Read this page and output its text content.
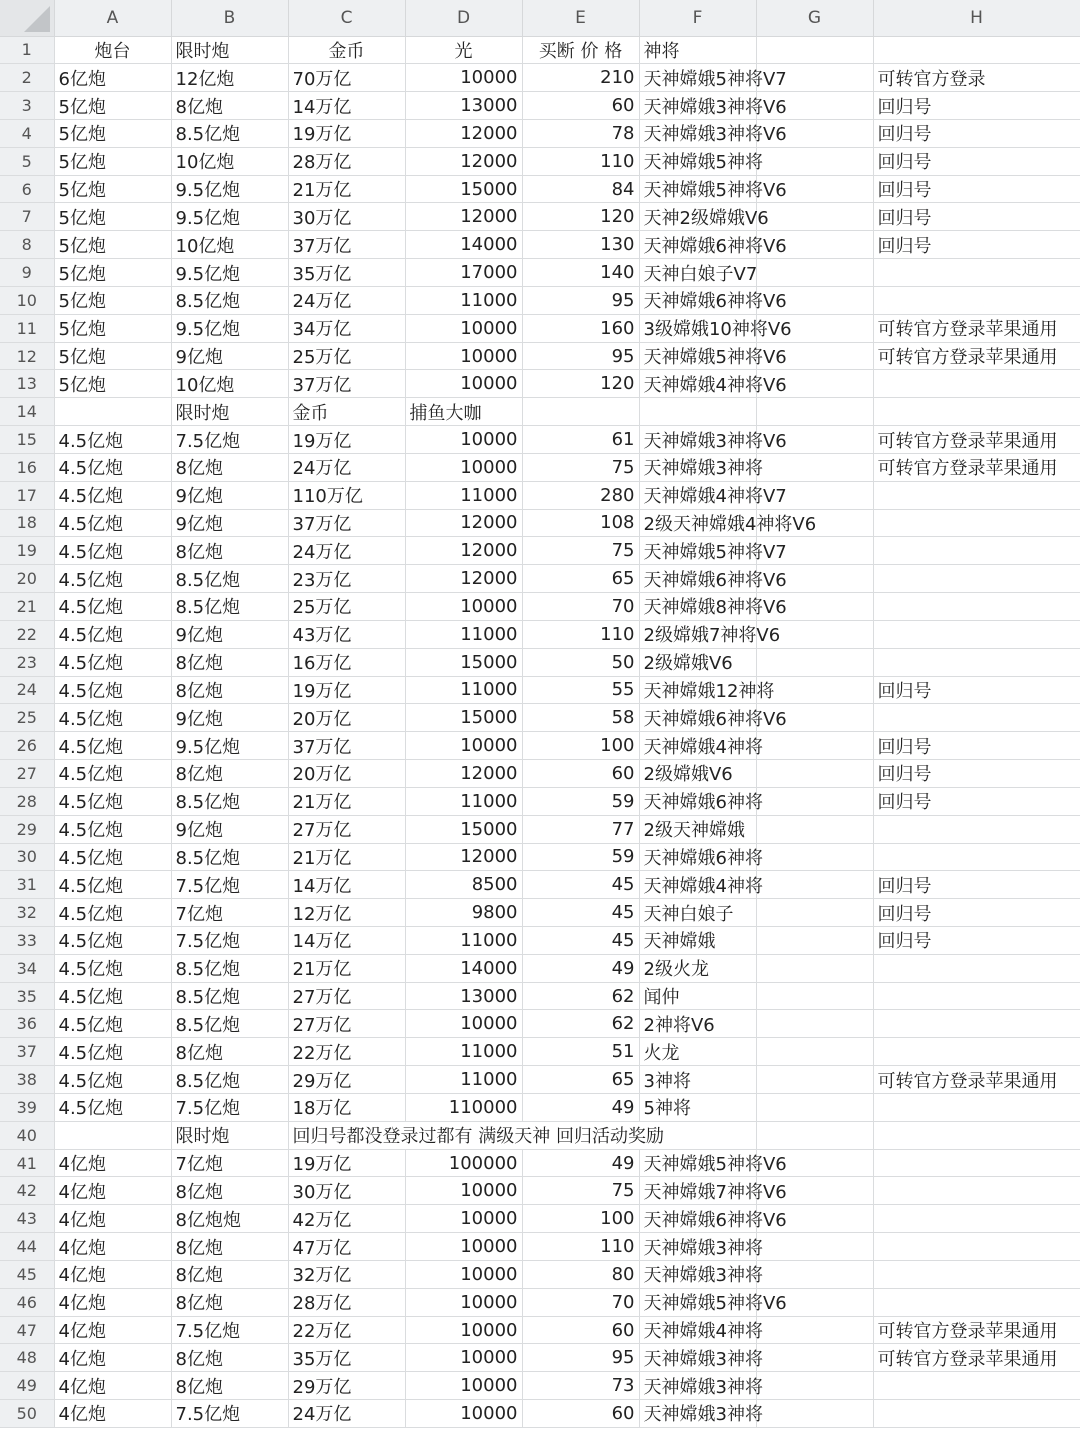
	A	B	C	D	E	F	G	H
1	炮台	限时炮	金币	光	买断 价 格	神将		
2	6亿炮	12亿炮	70万亿	10000	210	天神嫦娥5神将V7		可转官方登录
3	5亿炮	8亿炮	14万亿	13000	60	天神嫦娥3神将V6		回归号
4	5亿炮	8.5亿炮	19万亿	12000	78	天神嫦娥3神将V6		回归号
5	5亿炮	10亿炮	28万亿	12000	110	天神嫦娥5神将		回归号
6	5亿炮	9.5亿炮	21万亿	15000	84	天神嫦娥5神将V6		回归号
7	5亿炮	9.5亿炮	30万亿	12000	120	天神2级嫦娥V6		回归号
8	5亿炮	10亿炮	37万亿	14000	130	天神嫦娥6神将V6		回归号
9	5亿炮	9.5亿炮	35万亿	17000	140	天神白娘子V7		
10	5亿炮	8.5亿炮	24万亿	11000	95	天神嫦娥6神将V6		
11	5亿炮	9.5亿炮	34万亿	10000	160	3级嫦娥10神将V6		可转官方登录苹果通用
12	5亿炮	9亿炮	25万亿	10000	95	天神嫦娥5神将V6		可转官方登录苹果通用
13	5亿炮	10亿炮	37万亿	10000	120	天神嫦娥4神将V6		
14		限时炮	金币	捕鱼大咖				
15	4.5亿炮	7.5亿炮	19万亿	10000	61	天神嫦娥3神将V6		可转官方登录苹果通用
16	4.5亿炮	8亿炮	24万亿	10000	75	天神嫦娥3神将		可转官方登录苹果通用
17	4.5亿炮	9亿炮	110万亿	11000	280	天神嫦娥4神将V7		
18	4.5亿炮	9亿炮	37万亿	12000	108	2级天神嫦娥4神将V6		
19	4.5亿炮	8亿炮	24万亿	12000	75	天神嫦娥5神将V7		
20	4.5亿炮	8.5亿炮	23万亿	12000	65	天神嫦娥6神将V6		
21	4.5亿炮	8.5亿炮	25万亿	10000	70	天神嫦娥8神将V6		
22	4.5亿炮	9亿炮	43万亿	11000	110	2级嫦娥7神将V6		
23	4.5亿炮	8亿炮	16万亿	15000	50	2级嫦娥V6		
24	4.5亿炮	8亿炮	19万亿	11000	55	天神嫦娥12神将		回归号
25	4.5亿炮	9亿炮	20万亿	15000	58	天神嫦娥6神将V6		
26	4.5亿炮	9.5亿炮	37万亿	10000	100	天神嫦娥4神将		回归号
27	4.5亿炮	8亿炮	20万亿	12000	60	2级嫦娥V6		回归号
28	4.5亿炮	8.5亿炮	21万亿	11000	59	天神嫦娥6神将		回归号
29	4.5亿炮	9亿炮	27万亿	15000	77	2级天神嫦娥		
30	4.5亿炮	8.5亿炮	21万亿	12000	59	天神嫦娥6神将		
31	4.5亿炮	7.5亿炮	14万亿	8500	45	天神嫦娥4神将		回归号
32	4.5亿炮	7亿炮	12万亿	9800	45	天神白娘子		回归号
33	4.5亿炮	7.5亿炮	14万亿	11000	45	天神嫦娥		回归号
34	4.5亿炮	8.5亿炮	21万亿	14000	49	2级火龙		
35	4.5亿炮	8.5亿炮	27万亿	13000	62	闻仲		
36	4.5亿炮	8.5亿炮	27万亿	10000	62	2神将V6		
37	4.5亿炮	8亿炮	22万亿	11000	51	火龙		
38	4.5亿炮	8.5亿炮	29万亿	11000	65	3神将		可转官方登录苹果通用
39	4.5亿炮	7.5亿炮	18万亿	110000	49	5神将		
40		限时炮	回归号都没登录过都有 满级天神 回归活动奖励					
41	4亿炮	7亿炮	19万亿	100000	49	天神嫦娥5神将V6		
42	4亿炮	8亿炮	30万亿	10000	75	天神嫦娥7神将V6		
43	4亿炮	8亿炮炮	42万亿	10000	100	天神嫦娥6神将V6		
44	4亿炮	8亿炮	47万亿	10000	110	天神嫦娥3神将		
45	4亿炮	8亿炮	32万亿	10000	80	天神嫦娥3神将		
46	4亿炮	8亿炮	28万亿	10000	70	天神嫦娥5神将V6		
47	4亿炮	7.5亿炮	22万亿	10000	60	天神嫦娥4神将		可转官方登录苹果通用
48	4亿炮	8亿炮	35万亿	10000	95	天神嫦娥3神将		可转官方登录苹果通用
49	4亿炮	8亿炮	29万亿	10000	73	天神嫦娥3神将		
50	4亿炮	7.5亿炮	24万亿	10000	60	天神嫦娥3神将		
